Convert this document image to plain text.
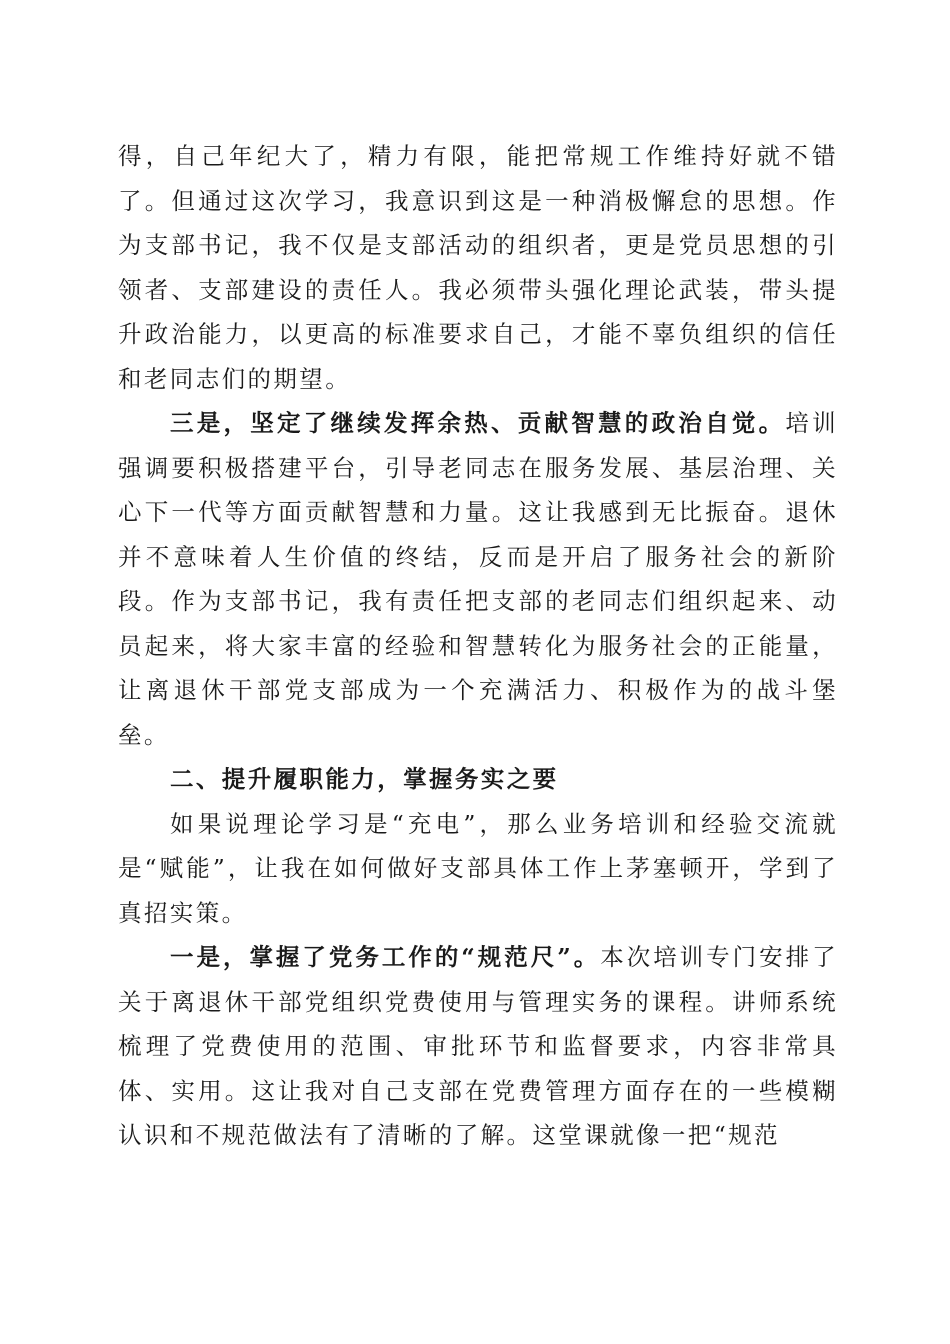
得，自己年纪大了，精力有限，能把常规工作维持好就不错了。但通过这次学习，我意识到这是一种消极懈怠的思想。作为支部书记，我不仅是支部活动的组织者，更是党员思想的引领者、支部建设的责任人。我必须带头强化理论武装，带头提升政治能力，以更高的标准要求自己，才能不辜负组织的信任和老同志们的期望。

三是，坚定了继续发挥余热、贡献智慧的政治自觉。培训强调要积极搭建平台，引导老同志在服务发展、基层治理、关心下一代等方面贡献智慧和力量。这让我感到无比振奋。退休并不意味着人生价值的终结，反而是开启了服务社会的新阶段。作为支部书记，我有责任把支部的老同志们组织起来、动员起来，将大家丰富的经验和智慧转化为服务社会的正能量，让离退休干部党支部成为一个充满活力、积极作为的战斗堡垒。

二、提升履职能力，掌握务实之要

如果说理论学习是“充电”，那么业务培训和经验交流就是“赋能”，让我在如何做好支部具体工作上茅塞顿开，学到了真招实策。

一是，掌握了党务工作的“规范尺”。本次培训专门安排了关于离退休干部党组织党费使用与管理实务的课程。讲师系统梳理了党费使用的范围、审批环节和监督要求，内容非常具体、实用。这让我对自己支部在党费管理方面存在的一些模糊认识和不规范做法有了清晰的了解。这堂课就像一把“规范
